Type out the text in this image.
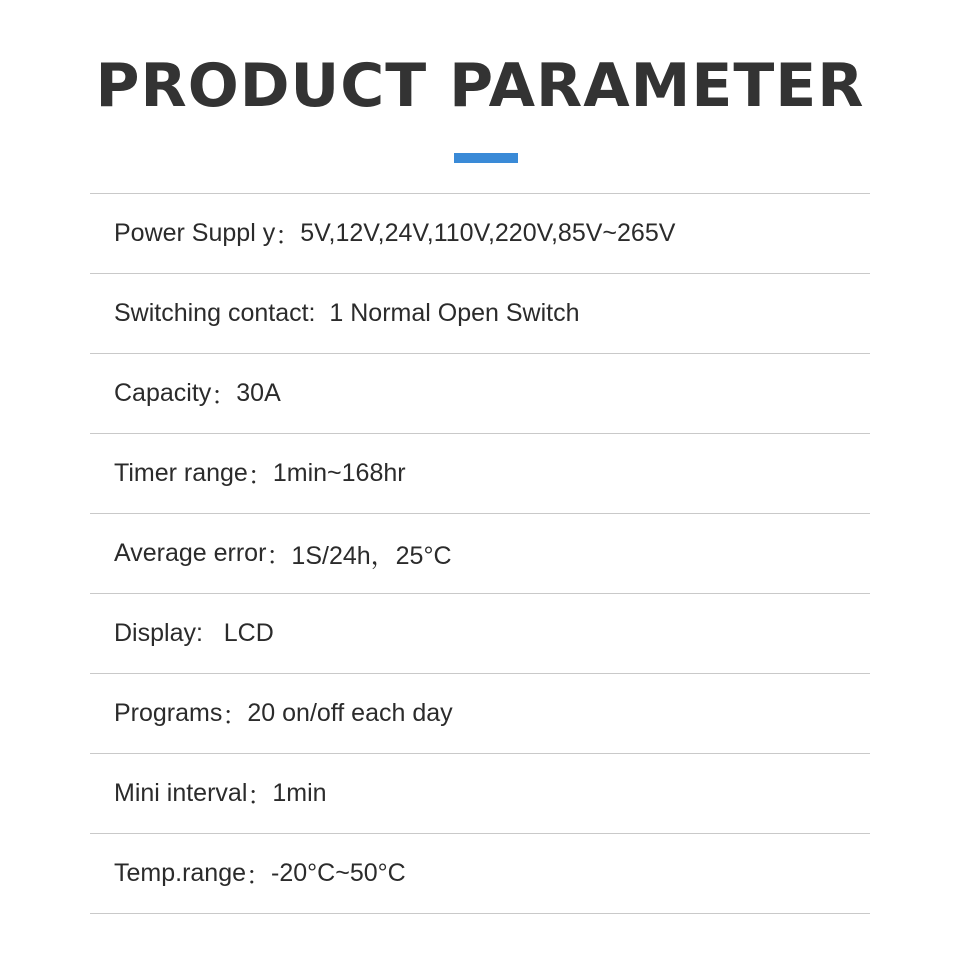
PRODUCT PARAMETER
Power Suppl y ： 5V,12V,24V,110V,220V,85V~265V
Switching contact : 1 Normal Open Switch
Capacity ： 30A
Timer range ： 1min~168hr
Average error ： 1S/24h，25°C
Display : LCD
Programs ： 20 on/off each day
Mini interval ： 1min
Temp.range ： -20°C~50°C
